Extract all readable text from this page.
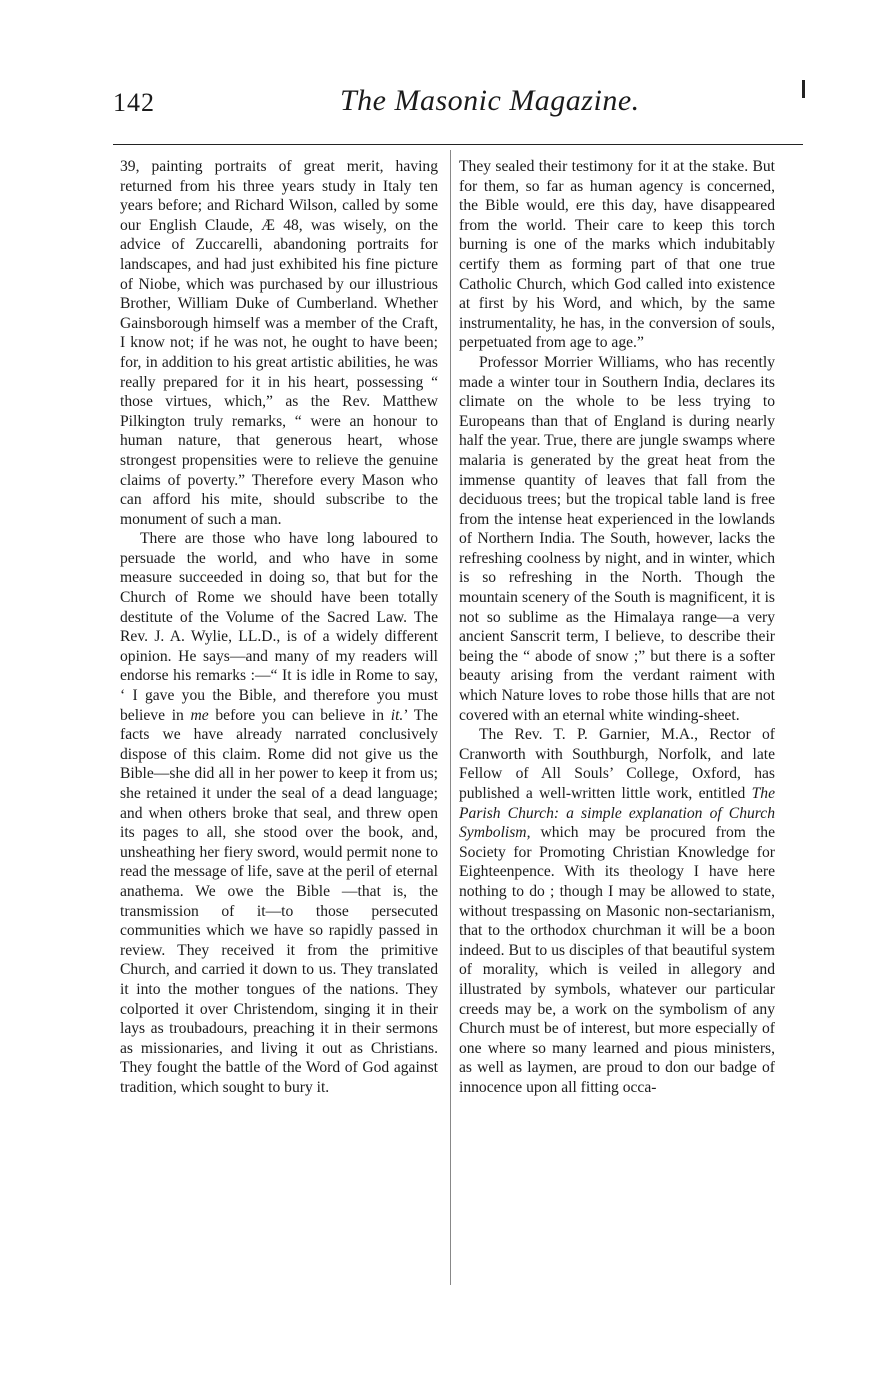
142	The Masonic Magazine.

39, painting portraits of great merit, having returned from his three years study in Italy ten years before; and Richard Wilson, called by some our English Claude, Æ 48, was wisely, on the advice of Zuccarelli, abandoning portraits for landscapes, and had just exhibited his fine picture of Niobe, which was purchased by our illustrious Brother, William Duke of Cumberland. Whether Gainsborough himself was a member of the Craft, I know not; if he was not, he ought to have been; for, in addition to his great artistic abilities, he was really prepared for it in his heart, possessing “ those virtues, which,” as the Rev. Matthew Pilkington truly remarks, “ were an honour to human nature, that generous heart, whose strongest propensities were to relieve the genuine claims of poverty.” Therefore every Mason who can afford his mite, should subscribe to the monument of such a man.

There are those who have long laboured to persuade the world, and who have in some measure succeeded in doing so, that but for the Church of Rome we should have been totally destitute of the Volume of the Sacred Law. The Rev. J. A. Wylie, LL.D., is of a widely different opinion. He says—and many of my readers will endorse his remarks :—“ It is idle in Rome to say, ‘ I gave you the Bible, and therefore you must believe in me before you can believe in it.’ The facts we have already narrated conclusively dispose of this claim. Rome did not give us the Bible—she did all in her power to keep it from us; she retained it under the seal of a dead language; and when others broke that seal, and threw open its pages to all, she stood over the book, and, unsheathing her fiery sword, would permit none to read the message of life, save at the peril of eternal anathema. We owe the Bible —that is, the transmission of it—to those persecuted communities which we have so rapidly passed in review. They received it from the primitive Church, and carried it down to us. They translated it into the mother tongues of the nations. They colported it over Christendom, singing it in their lays as troubadours, preaching it in their sermons as missionaries, and living it out as Christians. They fought the battle of the Word of God against tradition, which sought to bury it.

They sealed their testimony for it at the stake. But for them, so far as human agency is concerned, the Bible would, ere this day, have disappeared from the world. Their care to keep this torch burning is one of the marks which indubitably certify them as forming part of that one true Catholic Church, which God called into existence at first by his Word, and which, by the same instrumentality, he has, in the conversion of souls, perpetuated from age to age.”

Professor Morrier Williams, who has recently made a winter tour in Southern India, declares its climate on the whole to be less trying to Europeans than that of England is during nearly half the year. True, there are jungle swamps where malaria is generated by the great heat from the immense quantity of leaves that fall from the deciduous trees; but the tropical table land is free from the intense heat experienced in the lowlands of Northern India. The South, however, lacks the refreshing coolness by night, and in winter, which is so refreshing in the North. Though the mountain scenery of the South is magnificent, it is not so sublime as the Himalaya range—a very ancient Sanscrit term, I believe, to describe their being the “ abode of snow ;” but there is a softer beauty arising from the verdant raiment with which Nature loves to robe those hills that are not covered with an eternal white winding-sheet.

The Rev. T. P. Garnier, M.A., Rector of Cranworth with Southburgh, Norfolk, and late Fellow of All Souls’ College, Oxford, has published a well-written little work, entitled The Parish Church: a simple explanation of Church Symbolism, which may be procured from the Society for Promoting Christian Knowledge for Eighteenpence. With its theology I have here nothing to do ; though I may be allowed to state, without trespassing on Masonic non-sectarianism, that to the orthodox churchman it will be a boon indeed. But to us disciples of that beautiful system of morality, which is veiled in allegory and illustrated by symbols, whatever our particular creeds may be, a work on the symbolism of any Church must be of interest, but more especially of one where so many learned and pious ministers, as well as laymen, are proud to don our badge of innocence upon all fitting occa-
